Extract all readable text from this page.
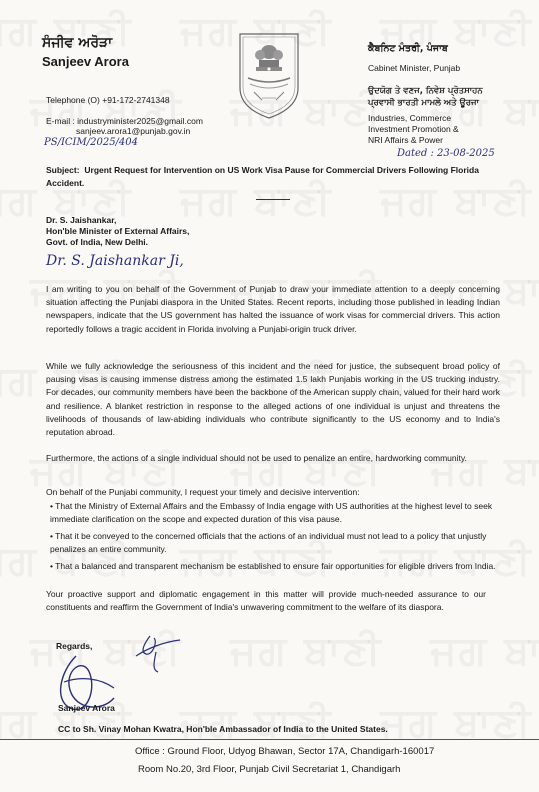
ਸੰਜੀਵ ਅਰੋੜਾ
Sanjeev Arora
Telephone (O) +91-172-2741348
E-mail : industryminister2025@gmail.com
sanjeev.arora1@punjab.gov.in
PS/ICIM/2025/404
ਕੈਬਨਿਟ ਮੰਤਰੀ, ਪੰਜਾਬ
Cabinet Minister, Punjab
ਉਦਯੋਗ ਤੇ ਵਣਜ, ਨਿਵੇਸ਼ ਪ੍ਰੋਤਸਾਹਨ
ਪ੍ਰਵਾਸੀ ਭਾਰਤੀ ਮਾਮਲੇ ਅਤੇ ਊਰਜਾ
Industries, Commerce
Investment Promotion &
NRI Affairs & Power
Dated : 23-08-2025
Subject: Urgent Request for Intervention on US Work Visa Pause for Commercial Drivers Following Florida Accident.
Dr. S. Jaishankar,
Hon'ble Minister of External Affairs,
Govt. of India, New Delhi.
Dr. S. Jaishankar Ji,
I am writing to you on behalf of the Government of Punjab to draw your immediate attention to a deeply concerning situation affecting the Punjabi diaspora in the United States. Recent reports, including those published in leading Indian newspapers, indicate that the US government has halted the issuance of work visas for commercial drivers. This action reportedly follows a tragic accident in Florida involving a Punjabi-origin truck driver.
While we fully acknowledge the seriousness of this incident and the need for justice, the subsequent broad policy of pausing visas is causing immense distress among the estimated 1.5 lakh Punjabis working in the US trucking industry. For decades, our community members have been the backbone of the American supply chain, valued for their hard work and resilience. A blanket restriction in response to the alleged actions of one individual is unjust and threatens the livelihoods of thousands of law-abiding individuals who contribute significantly to the US economy and to India's reputation abroad.
Furthermore, the actions of a single individual should not be used to penalize an entire, hardworking community.
On behalf of the Punjabi community, I request your timely and decisive intervention:
• That the Ministry of External Affairs and the Embassy of India engage with US authorities at the highest level to seek immediate clarification on the scope and expected duration of this visa pause.
• That it be conveyed to the concerned officials that the actions of an individual must not lead to a policy that unjustly penalizes an entire community.
• That a balanced and transparent mechanism be established to ensure fair opportunities for eligible drivers from India.
Your proactive support and diplomatic engagement in this matter will provide much-needed assurance to our constituents and reaffirm the Government of India's unwavering commitment to the welfare of its diaspora.
Regards,
Sanjeev Arora
CC to Sh. Vinay Mohan Kwatra, Hon'ble Ambassador of India to the United States.
Office : Ground Floor, Udyog Bhawan, Sector 17A, Chandigarh-160017
Room No.20, 3rd Floor, Punjab Civil Secretariat 1, Chandigarh
